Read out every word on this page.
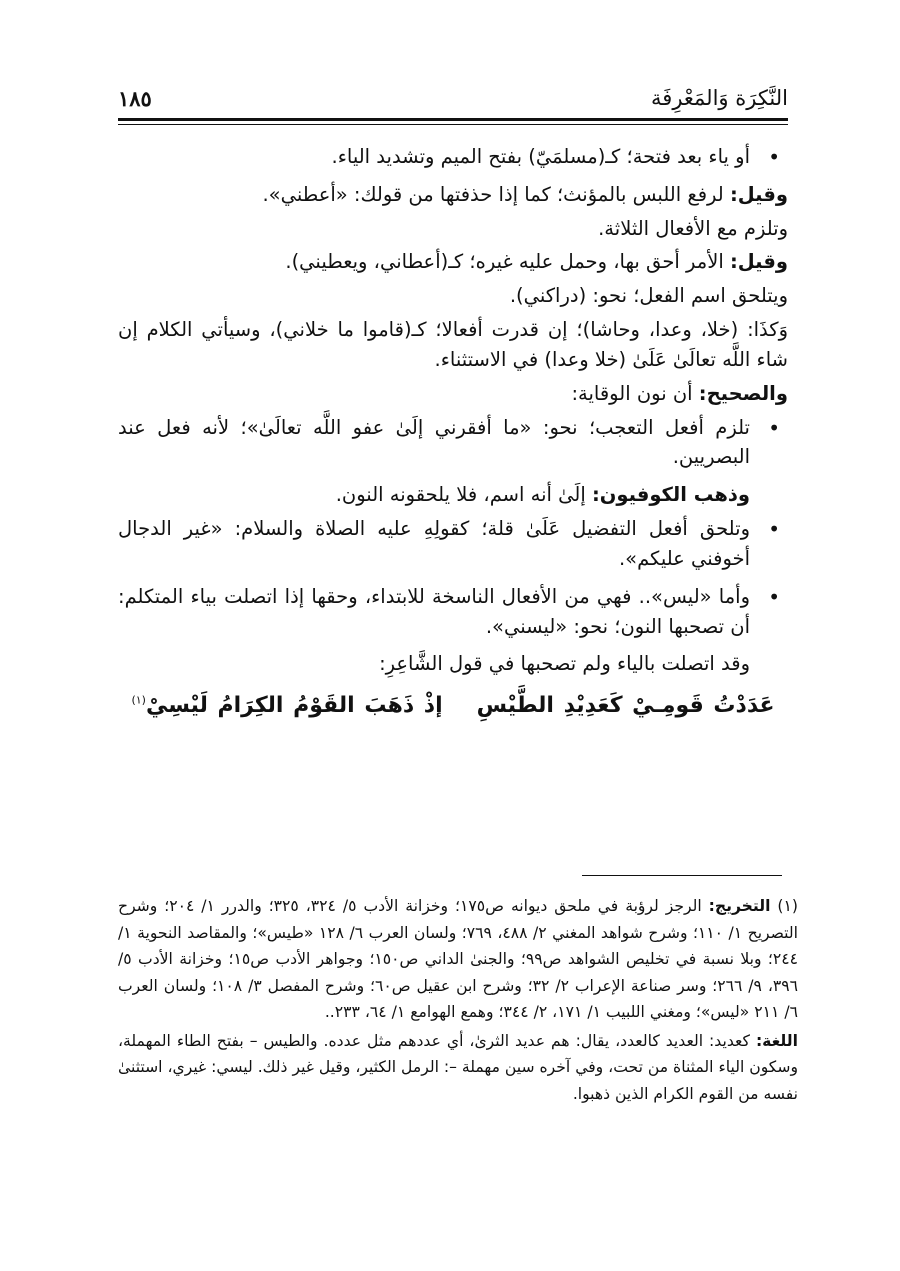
النَّكِرَة وَالمَعْرِفَة
١٨٥
•
أو ياء بعد فتحة؛ كـ(مسلمَيّ) بفتح الميم وتشديد الياء.

وقيل: لرفع اللبس بالمؤنث؛ كما إذا حذفتها من قولك: «أعطني».

وتلزم مع الأفعال الثلاثة.

وقيل: الأمر أحق بها، وحمل عليه غيره؛ كـ(أعطاني، ويعطيني).

ويتلحق اسم الفعل؛ نحو: (دراكني).

وَكذَا: (خلا، وعدا، وحاشا)؛ إن قدرت أفعالا؛ كـ(قاموا ما خلاني)، وسيأتي الكلام إن شاء اللَّه تعالَىٰ عَلَىٰ (خلا وعدا) في الاستثناء.

والصحيح: أن نون الوقاية:

•
تلزم أفعل التعجب؛ نحو: «ما أفقرني إلَىٰ عفو اللَّه تعالَىٰ»؛ لأنه فعل عند البصريين.

وذهب الكوفيون: إلَىٰ أنه اسم، فلا يلحقونه النون.

•
وتلحق أفعل التفضيل عَلَىٰ قلة؛ كقولِهِ عليه الصلاة والسلام: «غير الدجال أخوفني عليكم».
•
وأما «ليس».. فهي من الأفعال الناسخة للابتداء، وحقها إذا اتصلت بياء المتكلم: أن تصحبها النون؛ نحو: «ليسني».

وقد اتصلت بالياء ولم تصحبها في قول الشَّاعِرِ:

عَدَدْتُ قَومِـيْ كَعَدِيْدِ الطَّيْسِإذْ ذَهَبَ القَوْمُ الكِرَامُ لَيْسِيْ$^{(١)}$

(١) التخريج: الرجز لرؤبة في ملحق ديوانه ص١٧٥؛ وخزانة الأدب ٥/ ٣٢٤، ٣٢٥؛ والدرر ١/ ٢٠٤؛ وشرح التصريح ١/ ١١٠؛ وشرح شواهد المغني ٢/ ٤٨٨، ٧٦٩؛ ولسان العرب ٦/ ١٢٨ «طيس»؛ والمقاصد النحوية ١/ ٢٤٤؛ وبلا نسبة في تخليص الشواهد ص٩٩؛ والجنىٰ الداني ص١٥٠؛ وجواهر الأدب ص١٥؛ وخزانة الأدب ٥/ ٣٩٦، ٩/ ٢٦٦؛ وسر صناعة الإعراب ٢/ ٣٢؛ وشرح ابن عقيل ص٦٠؛ وشرح المفصل ٣/ ١٠٨؛ ولسان العرب ٦/ ٢١١ «ليس»؛ ومغني اللبيب ١/ ١٧١، ٢/ ٣٤٤؛ وهمع الهوامع ١/ ٦٤، ٢٣٣..

اللغة: كعديد: العديد كالعدد، يقال: هم عديد الثرىٰ، أي عددهم مثل عدده. والطيس – بفتح الطاء المهملة، وسكون الياء المثناة من تحت، وفي آخره سين مهملة –: الرمل الكثير، وقيل غير ذلك. ليسي: غيري، استثنىٰ نفسه من القوم الكرام الذين ذهبوا.
